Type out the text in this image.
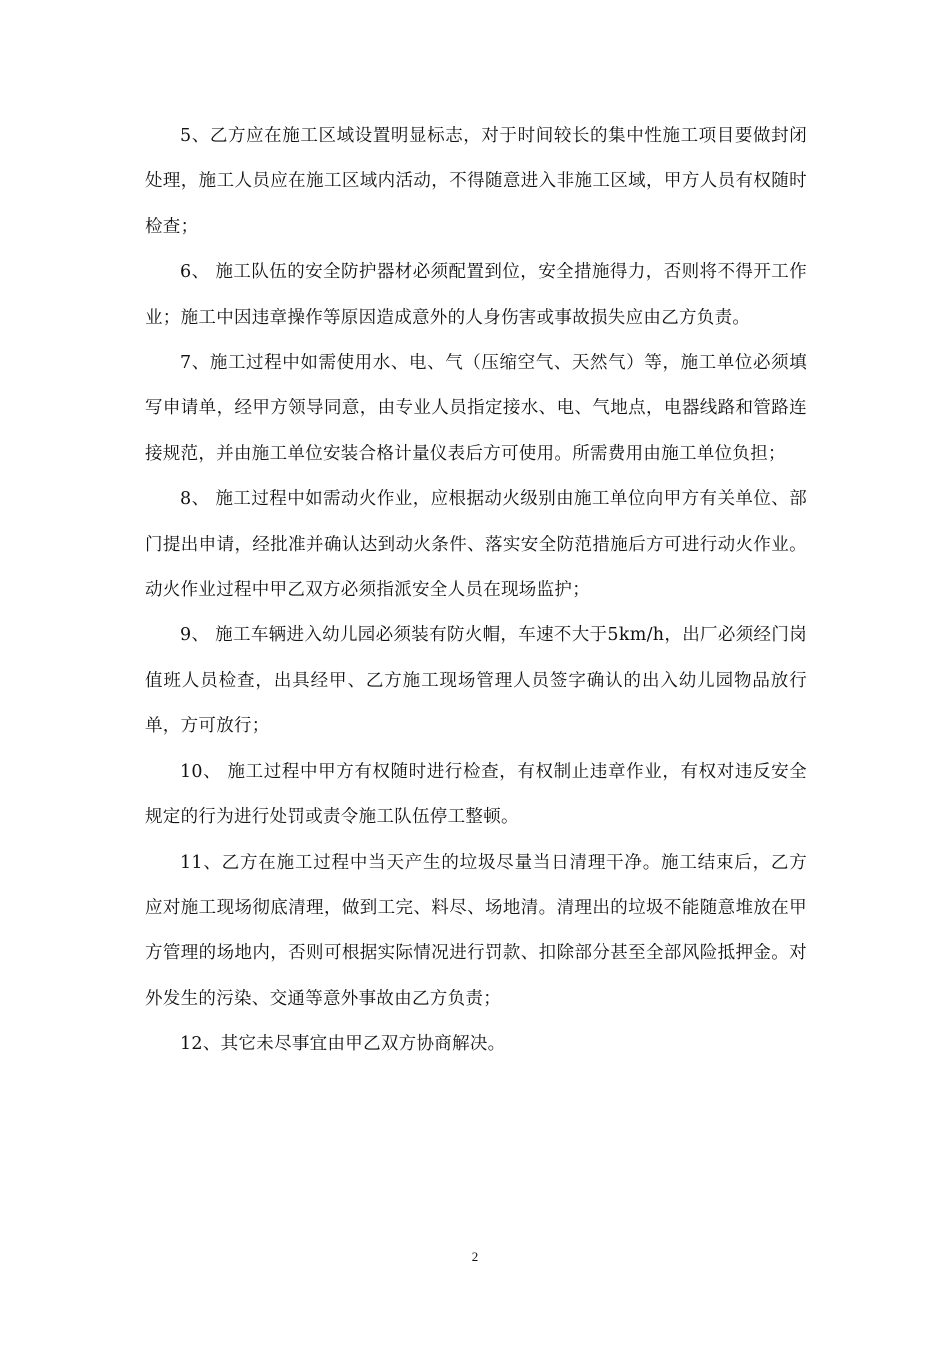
5、乙方应在施工区域设置明显标志，对于时间较长的集中性施工项目要做封闭处理，施工人员应在施工区域内活动，不得随意进入非施工区域，甲方人员有权随时检查；

6、 施工队伍的安全防护器材必须配置到位，安全措施得力，否则将不得开工作业；施工中因违章操作等原因造成意外的人身伤害或事故损失应由乙方负责。

7、施工过程中如需使用水、电、气（压缩空气、天然气）等，施工单位必须填写申请单，经甲方领导同意，由专业人员指定接水、电、气地点，电器线路和管路连接规范，并由施工单位安装合格计量仪表后方可使用。所需费用由施工单位负担；

8、 施工过程中如需动火作业，应根据动火级别由施工单位向甲方有关单位、部门提出申请，经批准并确认达到动火条件、落实安全防范措施后方可进行动火作业。动火作业过程中甲乙双方必须指派安全人员在现场监护；

9、 施工车辆进入幼儿园必须装有防火帽，车速不大于5km/h，出厂必须经门岗值班人员检查，出具经甲、乙方施工现场管理人员签字确认的出入幼儿园物品放行单，方可放行；

10、 施工过程中甲方有权随时进行检查，有权制止违章作业，有权对违反安全规定的行为进行处罚或责令施工队伍停工整顿。

11、乙方在施工过程中当天产生的垃圾尽量当日清理干净。施工结束后，乙方应对施工现场彻底清理，做到工完、料尽、场地清。清理出的垃圾不能随意堆放在甲方管理的场地内，否则可根据实际情况进行罚款、扣除部分甚至全部风险抵押金。对外发生的污染、交通等意外事故由乙方负责；

12、其它未尽事宜由甲乙双方协商解决。

2
